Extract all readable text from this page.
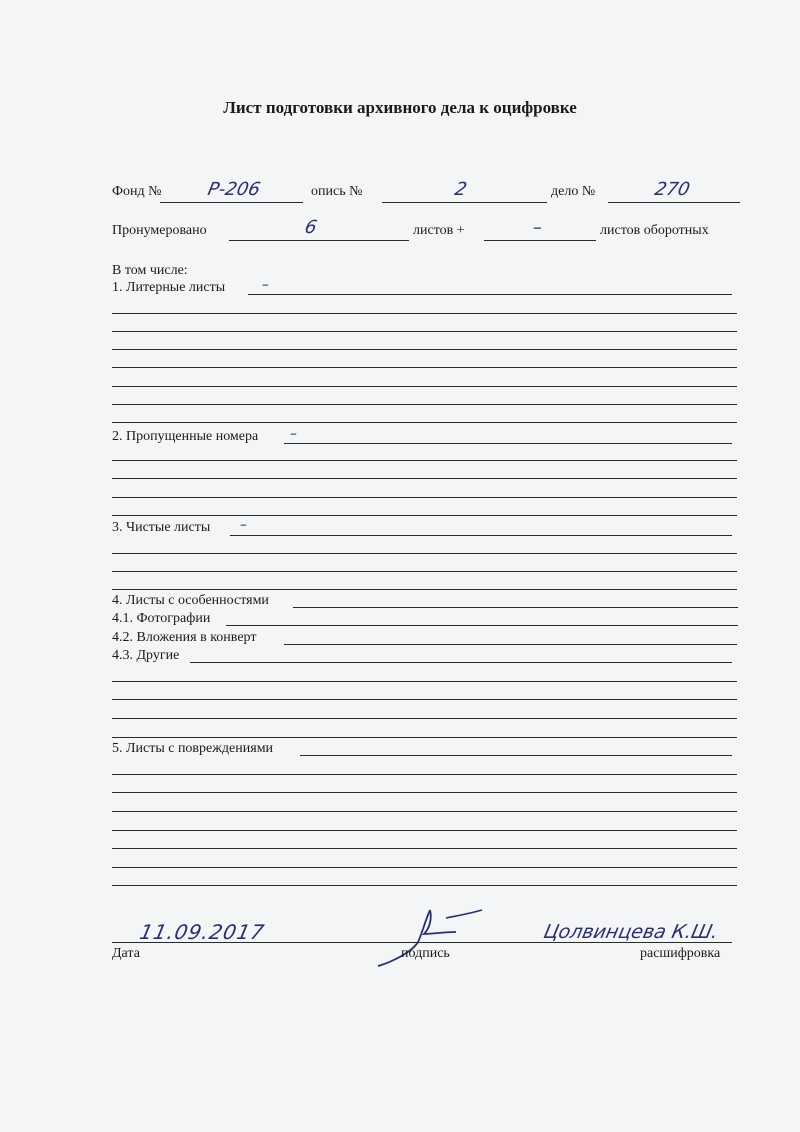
Лист подготовки архивного дела к оцифровке
Фонд № Р-206	опись №	2	дело №	270
Пронумеровано	6	листов +	–	листов оборотных
В том числе:
1. Литерные листы	–
2. Пропущенные номера –
3. Чистые листы –
4. Листы с особенностями
4.1. Фотографии
4.2. Вложения в конверт
4.3. Другие
5. Листы с повреждениями
11.09.2017
Дата	подпись
Цолвинцева К.Ш.
расшифровка
